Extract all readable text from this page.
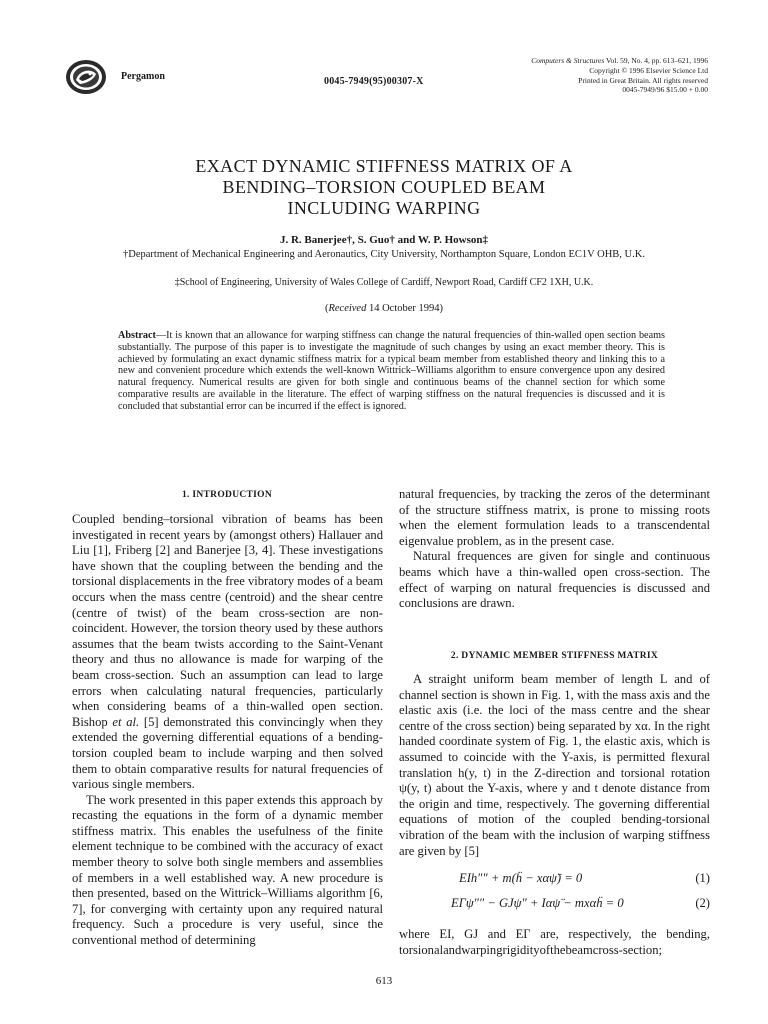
Pergamon	0045-7949(95)00307-X
Computers & Structures Vol. 59, No. 4, pp. 613–621, 1996
Copyright © 1996 Elsevier Science Ltd
Printed in Great Britain. All rights reserved
0045-7949/96 $15.00 + 0.00
EXACT DYNAMIC STIFFNESS MATRIX OF A
BENDING–TORSION COUPLED BEAM
INCLUDING WARPING
J. R. Banerjee†, S. Guo† and W. P. Howson‡
†Department of Mechanical Engineering and Aeronautics, City University, Northampton Square, London EC1V OHB, U.K.
‡School of Engineering, University of Wales College of Cardiff, Newport Road, Cardiff CF2 1XH, U.K.
(Received 14 October 1994)
Abstract—It is known that an allowance for warping stiffness can change the natural frequencies of thin-walled open section beams substantially. The purpose of this paper is to investigate the magnitude of such changes by using an exact member theory. This is achieved by formulating an exact dynamic stiffness matrix for a typical beam member from established theory and linking this to a new and convenient procedure which extends the well-known Wittrick–Williams algorithm to ensure convergence upon any desired natural frequency. Numerical results are given for both single and continuous beams of the channel section for which some comparative results are available in the literature. The effect of warping stiffness on the natural frequencies is discussed and it is concluded that substantial error can be incurred if the effect is ignored.
1. INTRODUCTION

Coupled bending–torsional vibration of beams has been investigated in recent years by (amongst others) Hallauer and Liu [1], Friberg [2] and Banerjee [3, 4]. These investigations have shown that the coupling between the bending and the torsional displacements in the free vibratory modes of a beam occurs when the mass centre (centroid) and the shear centre (centre of twist) of the beam cross-section are non-coincident. However, the torsion theory used by these authors assumes that the beam twists according to the Saint-Venant theory and thus no allowance is made for warping of the beam cross-section. Such an assumption can lead to large errors when calculating natural frequencies, particularly when considering beams of a thin-walled open section. Bishop et al. [5] demonstrated this convincingly when they extended the governing differential equations of a bending-torsion coupled beam to include warping and then solved them to obtain comparative results for natural frequencies of various single members.

The work presented in this paper extends this approach by recasting the equations in the form of a dynamic member stiffness matrix. This enables the usefulness of the finite element technique to be combined with the accuracy of exact member theory to solve both single members and assemblies of members in a well established way. A new procedure is then presented, based on the Wittrick–Williams algorithm [6, 7], for converging with certainty upon any required natural frequency. Such a procedure is very useful, since the conventional method of determining

natural frequencies, by tracking the zeros of the determinant of the structure stiffness matrix, is prone to missing roots when the element formulation leads to a transcendental eigenvalue problem, as in the present case.

Natural frequences are given for single and continuous beams which have a thin-walled open cross-section. The effect of warping on natural frequencies is discussed and conclusions are drawn.

2. DYNAMIC MEMBER STIFFNESS MATRIX

A straight uniform beam member of length L and of channel section is shown in Fig. 1, with the mass axis and the elastic axis (i.e. the loci of the mass centre and the shear centre of the cross section) being separated by xα. In the right handed coordinate system of Fig. 1, the elastic axis, which is assumed to coincide with the Y-axis, is permitted flexural translation h(y, t) in the Z-direction and torsional rotation ψ(y, t) about the Y-axis, where y and t denote distance from the origin and time, respectively. The governing differential equations of motion of the coupled bending-torsional vibration of the beam with the inclusion of warping stiffness are given by [5]

EIh″″ + m(ḧ − xαψ̈) = 0	(1)
EΓψ″″ − GJψ″ + Iαψ̈ − mxαḧ = 0	(2)

where EI, GJ and EΓ are, respectively, the bending, torsionalandwarpingrigidityofthebeamcross-section;

613
